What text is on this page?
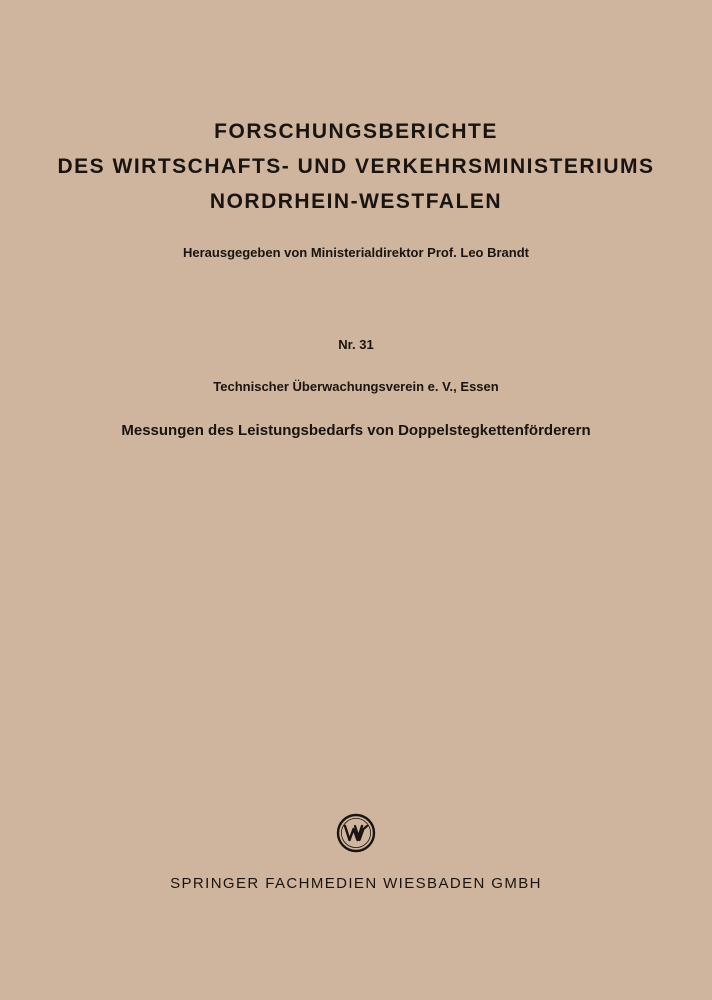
FORSCHUNGSBERICHTE
DES WIRTSCHAFTS- UND VERKEHRSMINISTERIUMS
NORDRHEIN-WESTFALEN
Herausgegeben von Ministerialdirektor Prof. Leo Brandt
Nr. 31
Technischer Überwachungsverein e. V., Essen
Messungen des Leistungsbedarfs von Doppelstegkettenförderern
SPRINGER FACHMEDIEN WIESBADEN GMBH
